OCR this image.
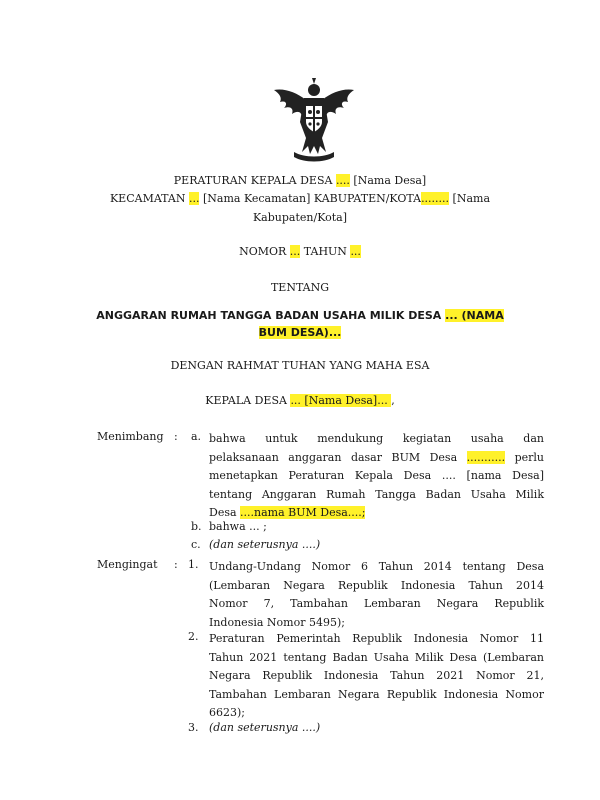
PERATURAN KEPALA DESA .... [Nama Desa]
KECAMATAN ... [Nama Kecamatan] KABUPATEN/KOTA........ [Nama
Kabupaten/Kota]
NOMOR ... TAHUN ...
TENTANG
ANGGARAN RUMAH TANGGA BADAN USAHA MILIK DESA ... (NAMA
BUM DESA)...
DENGAN RAHMAT TUHAN YANG MAHA ESA
KEPALA DESA ... [Nama Desa]... ,
Menimbang : a. bahwa untuk mendukung kegiatan usaha dan
pelaksanaan anggaran dasar BUM Desa ........... perlu
menetapkan Peraturan Kepala Desa .... [nama Desa]
tentang Anggaran Rumah Tangga Badan Usaha Milik
Desa ....nama BUM Desa....;
b. bahwa ... ;
c. (dan seterusnya ....)
Mengingat : 1. Undang-Undang Nomor 6 Tahun 2014 tentang Desa
(Lembaran Negara Republik Indonesia Tahun 2014
Nomor 7, Tambahan Lembaran Negara Republik
Indonesia Nomor 5495);
2. Peraturan Pemerintah Republik Indonesia Nomor 11
Tahun 2021 tentang Badan Usaha Milik Desa (Lembaran
Negara Republik Indonesia Tahun 2021 Nomor 21,
Tambahan Lembaran Negara Republik Indonesia Nomor
6623);
3. (dan seterusnya ....)
